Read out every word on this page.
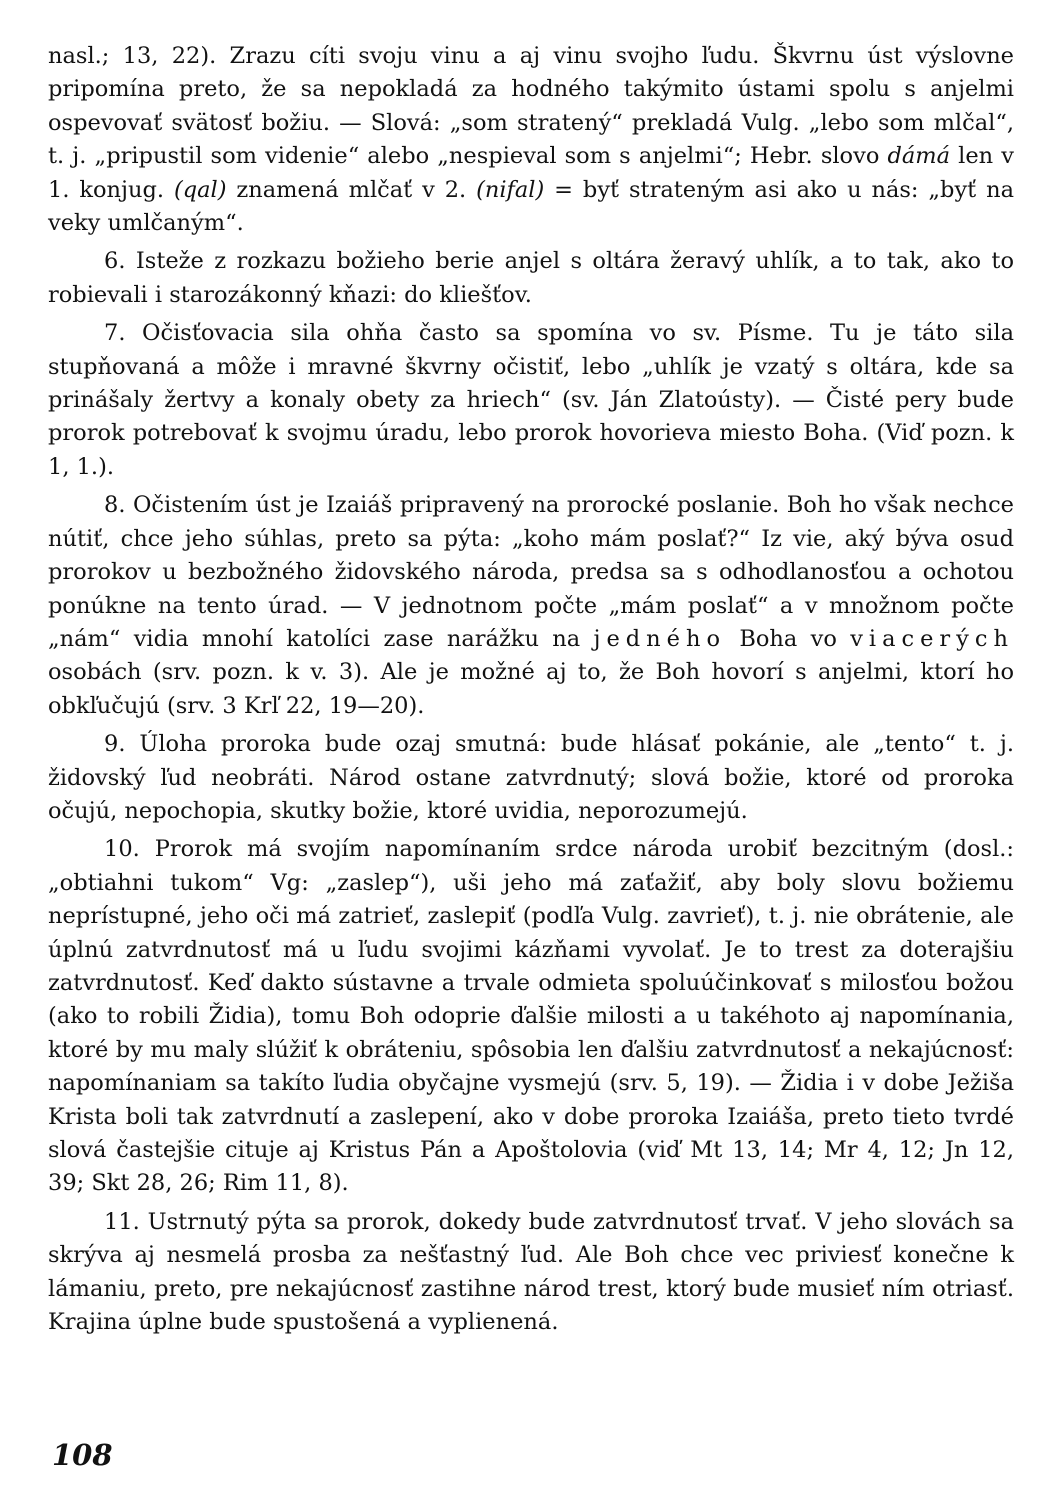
nasl.; 13, 22). Zrazu cíti svoju vinu a aj vinu svojho ľudu. Škvrnu úst výslovne pripomína preto, že sa nepokladá za hodného takýmito ústami spolu s anjelmi ospevovať svätosť božiu. — Slová: „som stratený“ prekladá Vulg. „lebo som mlčal“, t. j. „pripustil som videnie“ alebo „nespieval som s anjelmi“; Hebr. slovo dámá len v 1. konjug. (qal) znamená mlčať v 2. (nifal) = byť strateným asi ako u nás: „byť na veky umlčaným“.

6. Isteže z rozkazu božieho berie anjel s oltára žeravý uhlík, a to tak, ako to robievali i starozákonný kňazi: do kliešťov.

7. Očisťovacia sila ohňa často sa spomína vo sv. Písme. Tu je táto sila stupňovaná a môže i mravné škvrny očistiť, lebo „uhlík je vzatý s oltára, kde sa prinášaly žertvy a konaly obety za hriech“ (sv. Ján Zlatoústy). — Čisté pery bude prorok potrebovať k svojmu úradu, lebo prorok hovorieva miesto Boha. (Viď pozn. k 1, 1.).

8. Očistením úst je Izaiáš pripravený na prorocké poslanie. Boh ho však nechce nútiť, chce jeho súhlas, preto sa pýta: „koho mám poslať?“ Iz vie, aký býva osud prorokov u bezbožného židovského národa, predsa sa s odhodlanosťou a ochotou ponúkne na tento úrad. — V jednotnom počte „mám poslať“ a v množnom počte „nám“ vidia mnohí katolíci zase narážku na jedného Boha vo viacerých osobách (srv. pozn. k v. 3). Ale je možné aj to, že Boh hovorí s anjelmi, ktorí ho obkľučujú (srv. 3 Krľ 22, 19—20).

9. Úloha proroka bude ozaj smutná: bude hlásať pokánie, ale „tento“ t. j. židovský ľud neobráti. Národ ostane zatvrdnutý; slová božie, ktoré od proroka očujú, nepochopia, skutky božie, ktoré uvidia, neporozumejú.

10. Prorok má svojím napomínaním srdce národa urobiť bezcitným (dosl.: „obtiahni tukom“ Vg: „zaslep“), uši jeho má zaťažiť, aby boly slovu božiemu neprístupné, jeho oči má zatrieť, zaslepiť (podľa Vulg. zavrieť), t. j. nie obrátenie, ale úplnú zatvrdnutosť má u ľudu svojimi kázňami vyvolať. Je to trest za doterajšiu zatvrdnutosť. Keď dakto sústavne a trvale odmieta spoluúčinkovať s milosťou božou (ako to robili Židia), tomu Boh odoprie ďalšie milosti a u takéhoto aj napomínania, ktoré by mu maly slúžiť k obráteniu, spôsobia len ďalšiu zatvrdnutosť a nekajúcnosť: napomínaniam sa takíto ľudia obyčajne vysmejú (srv. 5, 19). — Židia i v dobe Ježiša Krista boli tak zatvrdnutí a zaslepení, ako v dobe proroka Izaiáša, preto tieto tvrdé slová častejšie cituje aj Kristus Pán a Apoštolovia (viď Mt 13, 14; Mr 4, 12; Jn 12, 39; Skt 28, 26; Rim 11, 8).

11. Ustrnutý pýta sa prorok, dokedy bude zatvrdnutosť trvať. V jeho slovách sa skrýva aj nesmelá prosba za nešťastný ľud. Ale Boh chce vec priviesť konečne k lámaniu, preto, pre nekajúcnosť zastihne národ trest, ktorý bude musieť ním otriasť. Krajina úplne bude spustošená a vyplienená.

108
